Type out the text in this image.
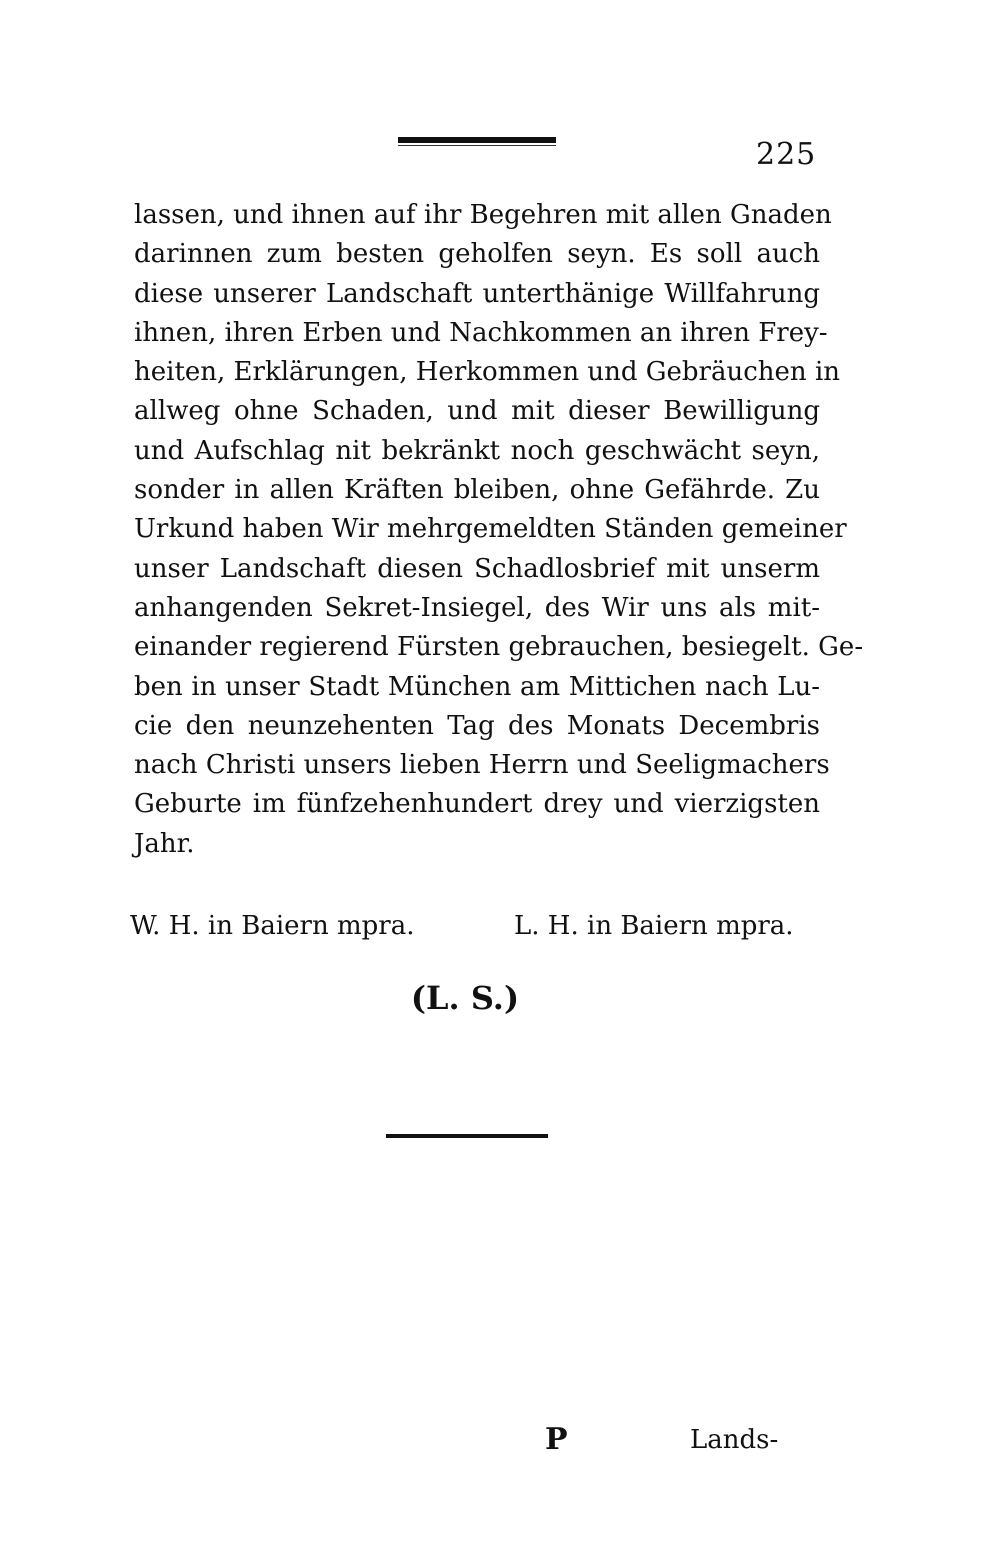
225
lassen, und ihnen auf ihr Begehren mit allen Gnaden
darinnen zum besten geholfen seyn. Es soll auch
diese unserer Landschaft unterthänige Willfahrung
ihnen, ihren Erben und Nachkommen an ihren Frey-
heiten, Erklärungen, Herkommen und Gebräuchen in
allweg ohne Schaden, und mit dieser Bewilligung
und Aufschlag nit bekränkt noch geschwächt seyn,
sonder in allen Kräften bleiben, ohne Gefährde. Zu
Urkund haben Wir mehrgemeldten Ständen gemeiner
unser Landschaft diesen Schadlosbrief mit unserm
anhangenden Sekret-Insiegel, des Wir uns als mit-
einander regierend Fürsten gebrauchen, besiegelt. Ge-
ben in unser Stadt München am Mittichen nach Lu-
cie den neunzehenten Tag des Monats Decembris
nach Christi unsers lieben Herrn und Seeligmachers
Geburte im fünfzehenhundert drey und vierzigsten
Jahr.
W. H. in Baiern mpra.	L. H. in Baiern mpra.
(L. S.)
P	Lands-
